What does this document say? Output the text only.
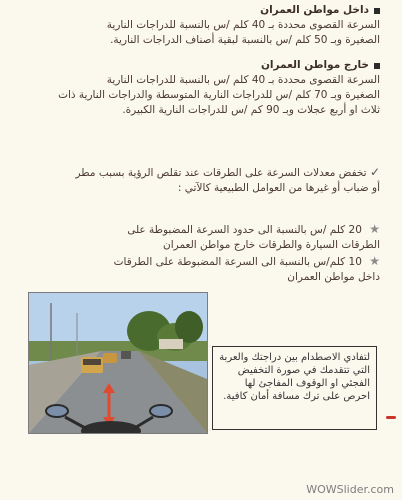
داخل مواطن العمران
السرعة القصوى محددة بـ 40 كلم /س بالنسبة للدراجات النارية
الصغيرة وبـ 50 كلم /س بالنسبة لبقية أصناف الدراجات النارية.
خارج مواطن العمران
السرعة القصوى محددة بـ 40 كلم /س بالنسبة للدراجات النارية
الصغيرة وبـ 70 كلم /س للدراجات النارية المتوسطة والدراجات النارية ذات
ثلاث او أربع عجلات وبـ 90 كم /س للدراجات النارية الكبيرة.
✓ تخفض معدلات السرعة على الطرقات عند تقلص الرؤية بسبب مطر
أو ضباب أو غيرها من العوامل الطبيعية كالآتي :
★ 20 كلم /س بالنسبة الى حدود السرعة المضبوطة على
الطرقات السيارة والطرقات خارج مواطن العمران
★ 10 كلم/س بالنسبة الى السرعة المضبوطة على الطرقات
داخل مواطن العمران
لتفادي الاصطدام بين دراجتك والعربة التي تتقدمك في صورة التخفيض الفجئي او الوقوف المفاجئ لها احرص على ترك مسافة أمان كافية.
WOWSlider.com
